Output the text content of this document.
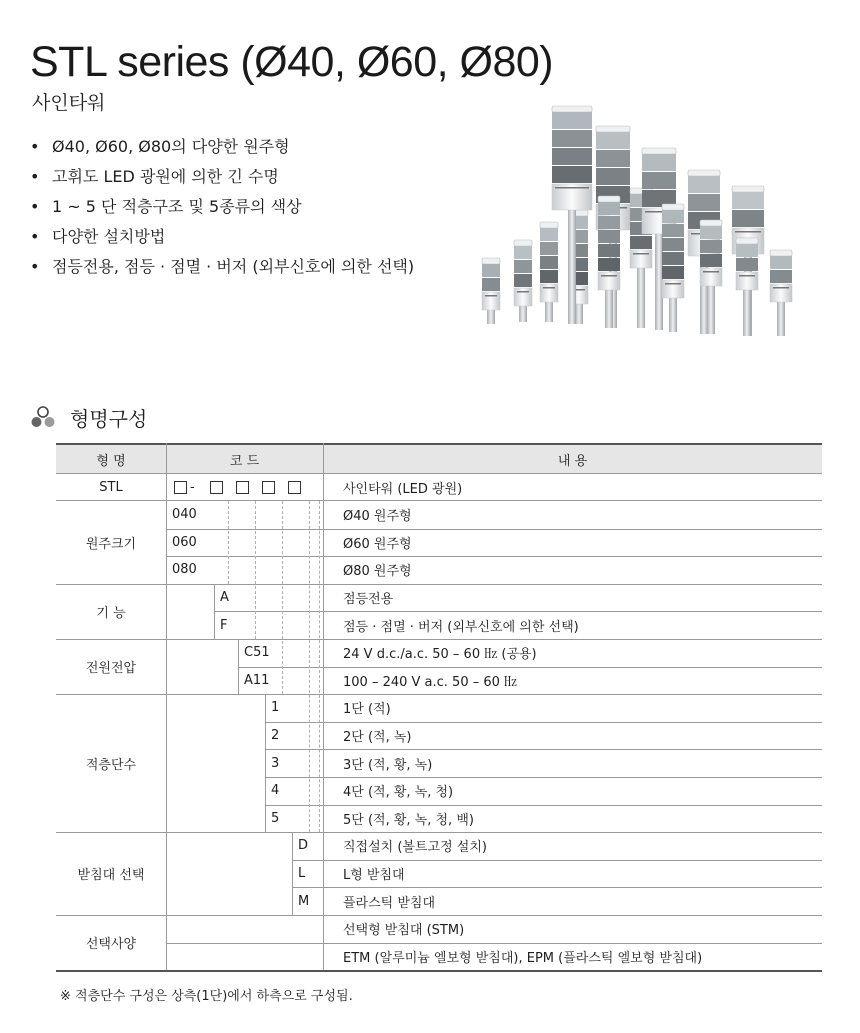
STL series (Ø40, Ø60, Ø80)
사인타워
• Ø40, Ø60, Ø80의 다양한 원주형
• 고휘도 LED 광원에 의한 긴 수명
• 1 ~ 5 단 적층구조 및 5종류의 색상
• 다양한 설치방법
• 점등전용, 점등 · 점멸 · 버저 (외부신호에 의한 선택)
형명구성
형 명	코 드	내 용
STL	-	사인타워 (LED 광원)
원주크기
040	Ø40 원주형
060	Ø60 원주형
080	Ø80 원주형
기 능
A	점등전용
F	점등 · 점멸 · 버저 (외부신호에 의한 선택)
전원전압
C51	24 V d.c./a.c. 50 – 60 ㎐ (공용)
A11	100 – 240 V a.c. 50 – 60 ㎐
적층단수
1	1단 (적)
2	2단 (적, 녹)
3	3단 (적, 황, 녹)
4	4단 (적, 황, 녹, 청)
5	5단 (적, 황, 녹, 청, 백)
받침대 선택
D	직접설치 (볼트고정 설치)
L	L형 받침대
M	플라스틱 받침대
선택사양
선택형 받침대 (STM)
ETM (알루미늄 엘보형 받침대), EPM (플라스틱 엘보형 받침대)
※ 적층단수 구성은 상측(1단)에서 하측으로 구성됨.
